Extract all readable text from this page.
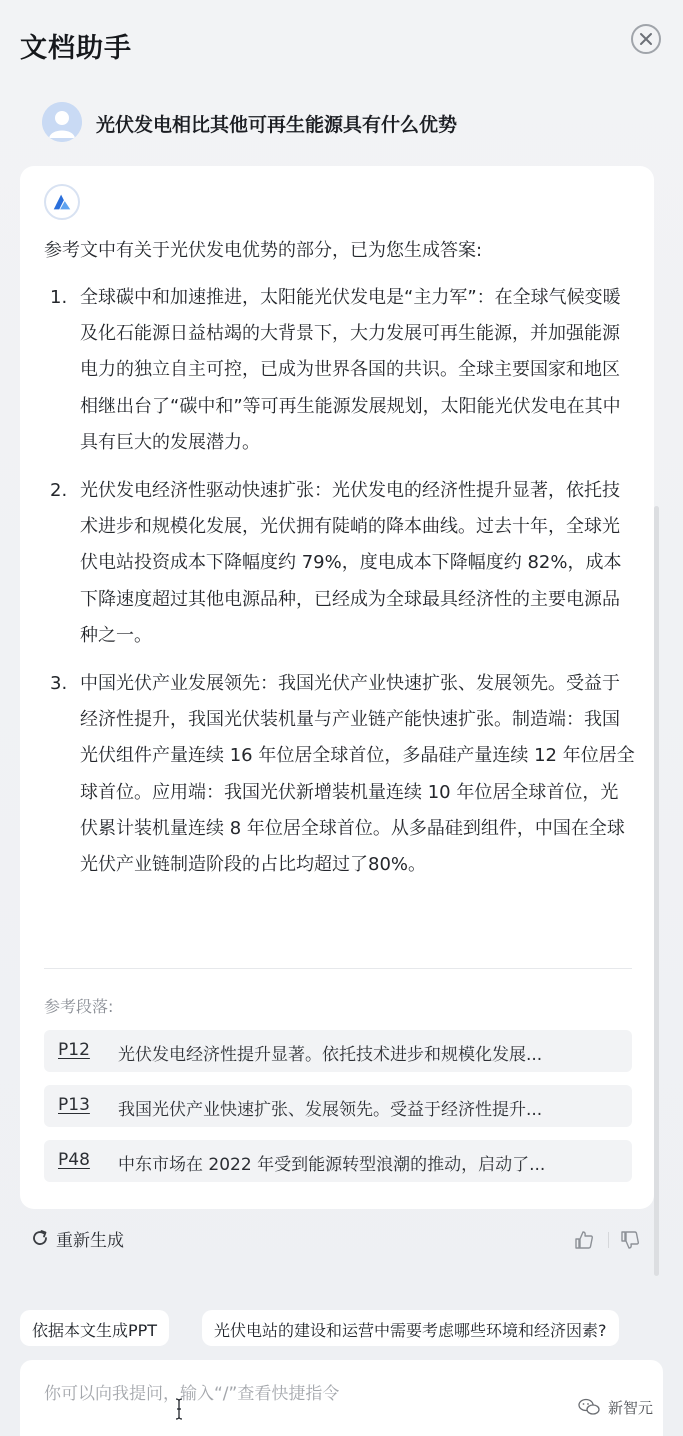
文档助手
光伏发电相比其他可再生能源具有什么优势
参考文中有关于光伏发电优势的部分，已为您生成答案:
1. 全球碳中和加速推进，太阳能光伏发电是“主力军”：在全球气候变暖及化石能源日益枯竭的大背景下，大力发展可再生能源，并加强能源电力的独立自主可控，已成为世界各国的共识。全球主要国家和地区相继出台了“碳中和”等可再生能源发展规划，太阳能光伏发电在其中具有巨大的发展潜力。
2. 光伏发电经济性驱动快速扩张：光伏发电的经济性提升显著，依托技术进步和规模化发展，光伏拥有陡峭的降本曲线。过去十年，全球光伏电站投资成本下降幅度约 79%，度电成本下降幅度约 82%，成本下降速度超过其他电源品种，已经成为全球最具经济性的主要电源品种之一。
3. 中国光伏产业发展领先：我国光伏产业快速扩张、发展领先。受益于经济性提升，我国光伏装机量与产业链产能快速扩张。制造端：我国光伏组件产量连续 16 年位居全球首位，多晶硅产量连续 12 年位居全球首位。应用端：我国光伏新增装机量连续 10 年位居全球首位，光伏累计装机量连续 8 年位居全球首位。从多晶硅到组件，中国在全球光伏产业链制造阶段的占比均超过了80%。
参考段落:
P12 光伏发电经济性提升显著。依托技术进步和规模化发展...
P13 我国光伏产业快速扩张、发展领先。受益于经济性提升...
P48 中东市场在 2022 年受到能源转型浪潮的推动，启动了...
重新生成
依据本文生成PPT	光伏电站的建设和运营中需要考虑哪些环境和经济因素?
你可以向我提问，输入“/”查看快捷指令
新智元
